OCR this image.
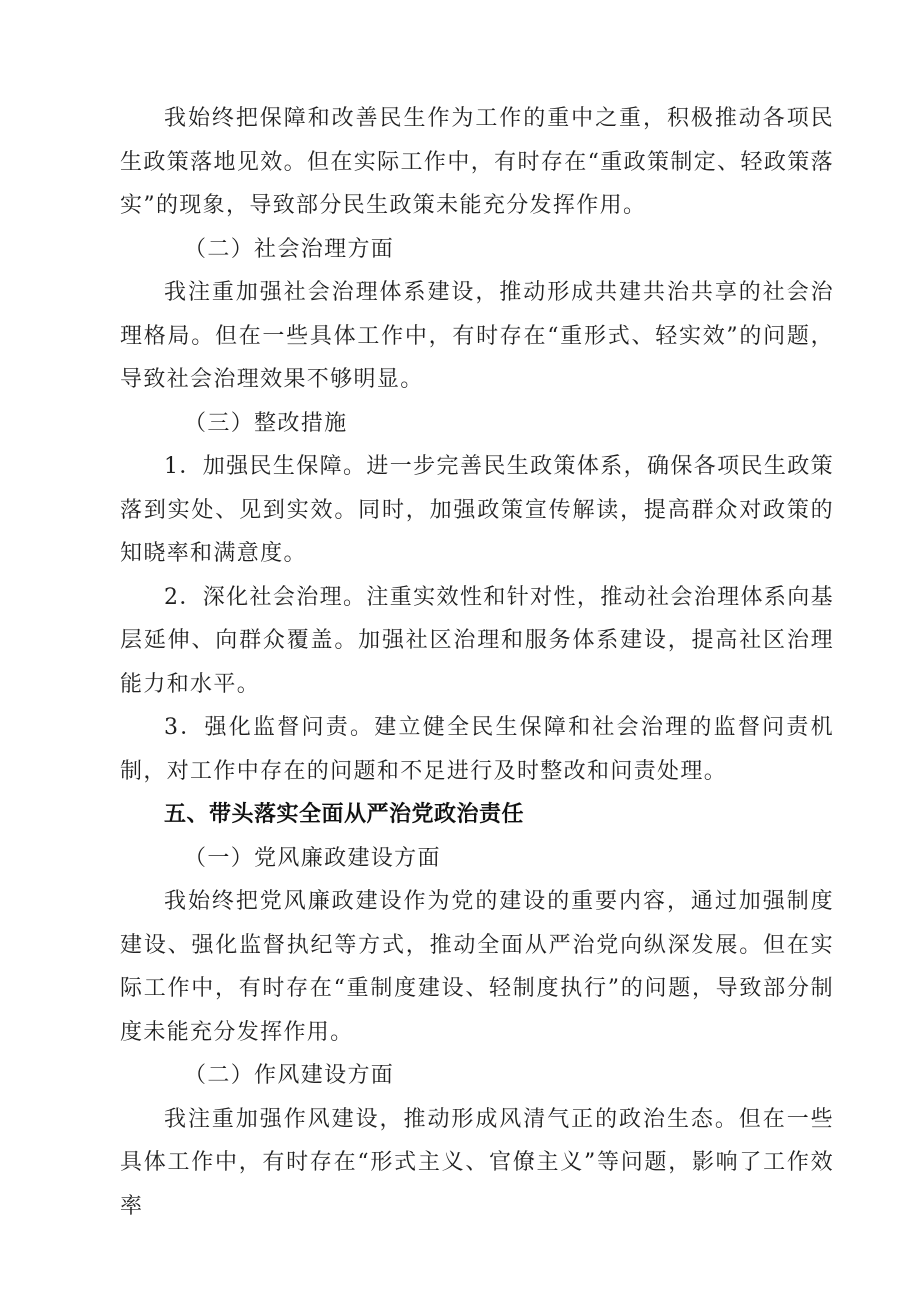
我始终把保障和改善民生作为工作的重中之重，积极推动各项民生政策落地见效。但在实际工作中，有时存在“重政策制定、轻政策落实”的现象，导致部分民生政策未能充分发挥作用。

（二）社会治理方面

我注重加强社会治理体系建设，推动形成共建共治共享的社会治理格局。但在一些具体工作中，有时存在“重形式、轻实效”的问题，导致社会治理效果不够明显。

（三）整改措施

1．加强民生保障。进一步完善民生政策体系，确保各项民生政策落到实处、见到实效。同时，加强政策宣传解读，提高群众对政策的知晓率和满意度。

2．深化社会治理。注重实效性和针对性，推动社会治理体系向基层延伸、向群众覆盖。加强社区治理和服务体系建设，提高社区治理能力和水平。

3．强化监督问责。建立健全民生保障和社会治理的监督问责机制，对工作中存在的问题和不足进行及时整改和问责处理。

五、带头落实全面从严治党政治责任

（一）党风廉政建设方面

我始终把党风廉政建设作为党的建设的重要内容，通过加强制度建设、强化监督执纪等方式，推动全面从严治党向纵深发展。但在实际工作中，有时存在“重制度建设、轻制度执行”的问题，导致部分制度未能充分发挥作用。

（二）作风建设方面

我注重加强作风建设，推动形成风清气正的政治生态。但在一些具体工作中，有时存在“形式主义、官僚主义”等问题，影响了工作效率
